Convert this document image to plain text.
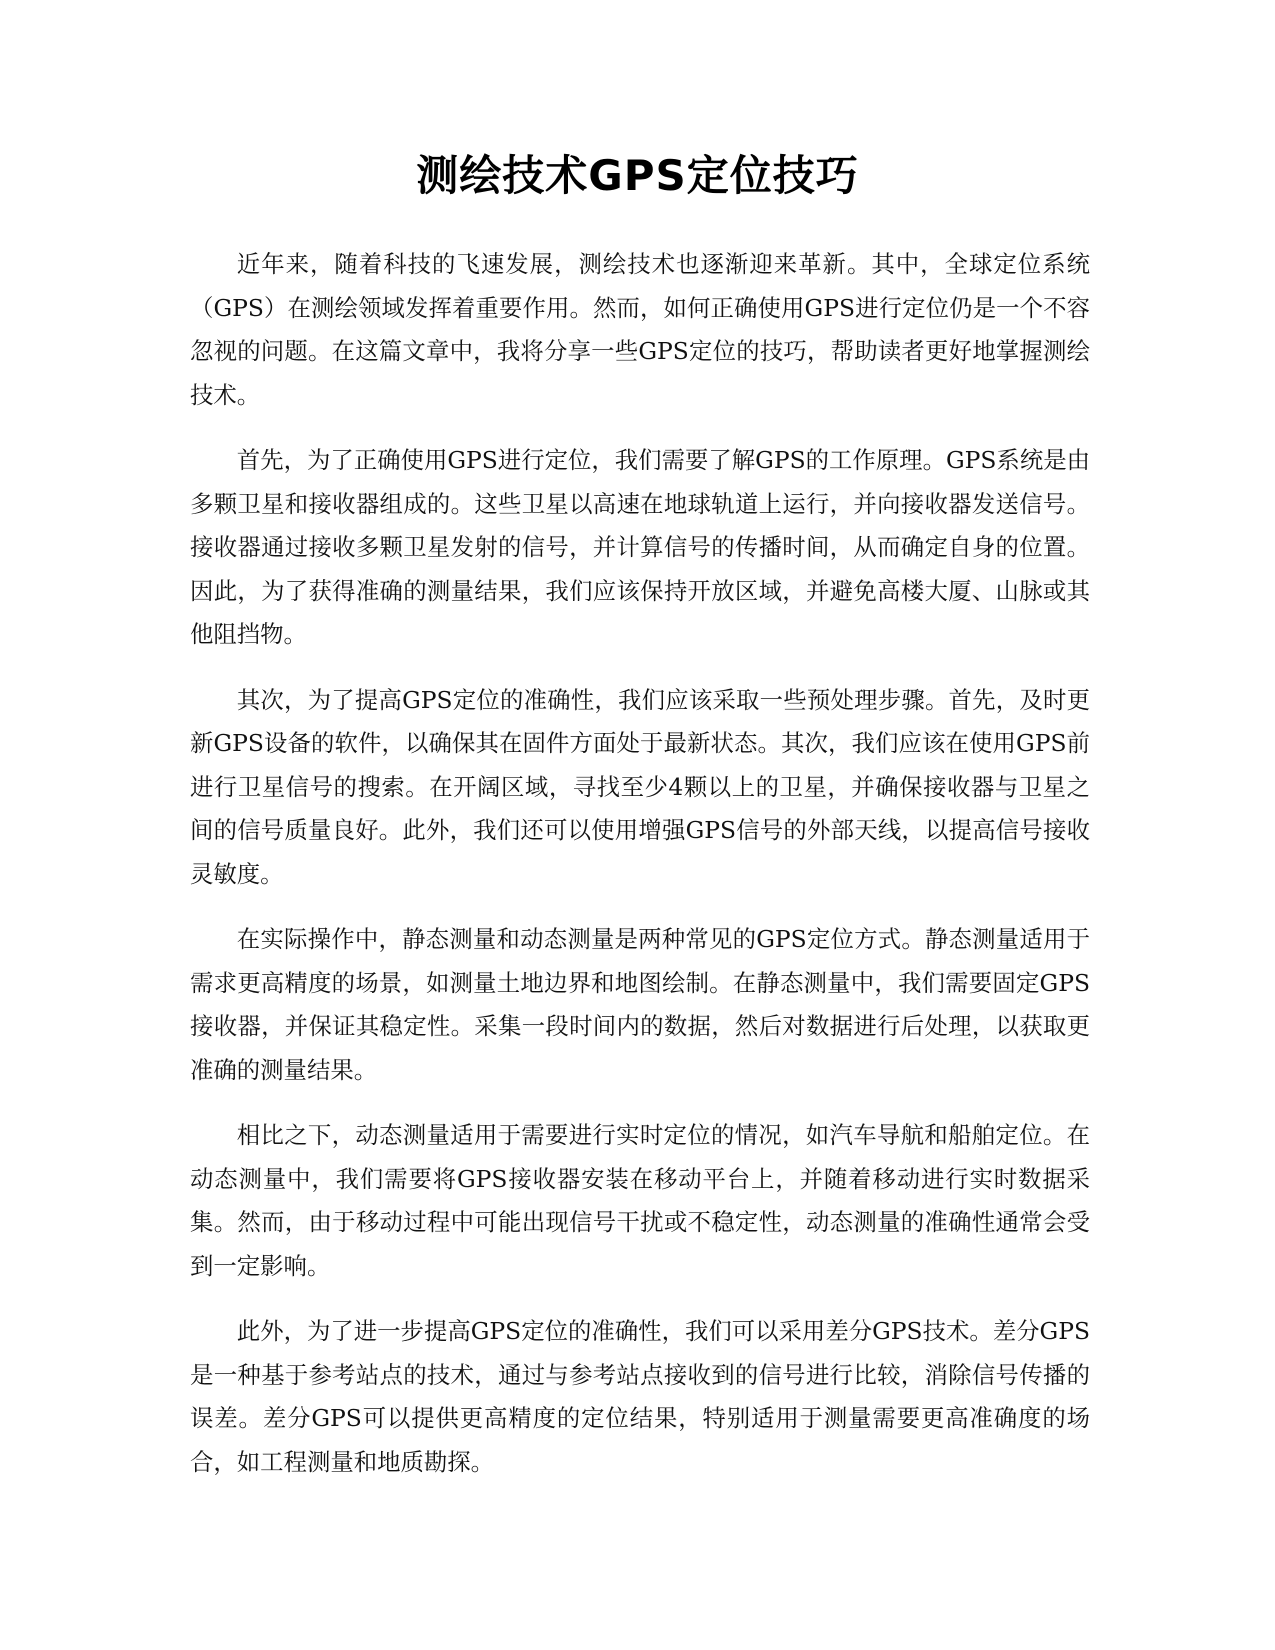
测绘技术GPS定位技巧

近年来，随着科技的飞速发展，测绘技术也逐渐迎来革新。其中，全球定位系统（GPS）在测绘领域发挥着重要作用。然而，如何正确使用GPS进行定位仍是一个不容忽视的问题。在这篇文章中，我将分享一些GPS定位的技巧，帮助读者更好地掌握测绘技术。

首先，为了正确使用GPS进行定位，我们需要了解GPS的工作原理。GPS系统是由多颗卫星和接收器组成的。这些卫星以高速在地球轨道上运行，并向接收器发送信号。接收器通过接收多颗卫星发射的信号，并计算信号的传播时间，从而确定自身的位置。因此，为了获得准确的测量结果，我们应该保持开放区域，并避免高楼大厦、山脉或其他阻挡物。

其次，为了提高GPS定位的准确性，我们应该采取一些预处理步骤。首先，及时更新GPS设备的软件，以确保其在固件方面处于最新状态。其次，我们应该在使用GPS前进行卫星信号的搜索。在开阔区域，寻找至少4颗以上的卫星，并确保接收器与卫星之间的信号质量良好。此外，我们还可以使用增强GPS信号的外部天线，以提高信号接收灵敏度。

在实际操作中，静态测量和动态测量是两种常见的GPS定位方式。静态测量适用于需求更高精度的场景，如测量土地边界和地图绘制。在静态测量中，我们需要固定GPS接收器，并保证其稳定性。采集一段时间内的数据，然后对数据进行后处理，以获取更准确的测量结果。

相比之下，动态测量适用于需要进行实时定位的情况，如汽车导航和船舶定位。在动态测量中，我们需要将GPS接收器安装在移动平台上，并随着移动进行实时数据采集。然而，由于移动过程中可能出现信号干扰或不稳定性，动态测量的准确性通常会受到一定影响。

此外，为了进一步提高GPS定位的准确性，我们可以采用差分GPS技术。差分GPS是一种基于参考站点的技术，通过与参考站点接收到的信号进行比较，消除信号传播的误差。差分GPS可以提供更高精度的定位结果，特别适用于测量需要更高准确度的场合，如工程测量和地质勘探。
